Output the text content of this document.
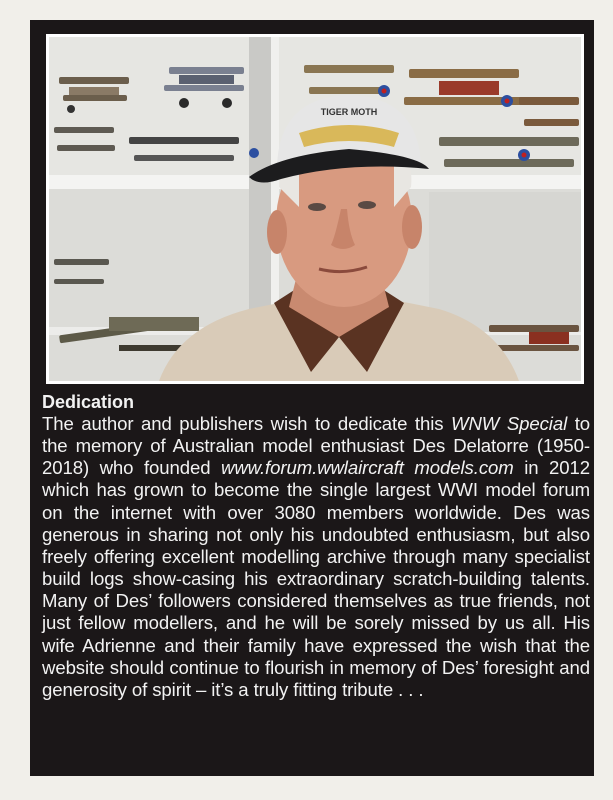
TIGER MOTH
Dedication

The author and publishers wish to dedicate this WNW Special to the memory of Australian model enthusiast Des Delatorre (1950-2018) who founded www.forum.wwlaircraft models.com in 2012 which has grown to become the single largest WWI model forum on the internet with over 3080 members worldwide. Des was generous in sharing not only his undoubted enthusiasm, but also freely offering excellent modelling archive through many specialist build logs show-casing his extraordinary scratch-building talents. Many of Des’ followers considered themselves as true friends, not just fellow modellers, and he will be sorely missed by us all. His wife Adrienne and their family have expressed the wish that the website should continue to flourish in memory of Des’ foresight and generosity of spirit – it’s a truly fitting tribute . . .
